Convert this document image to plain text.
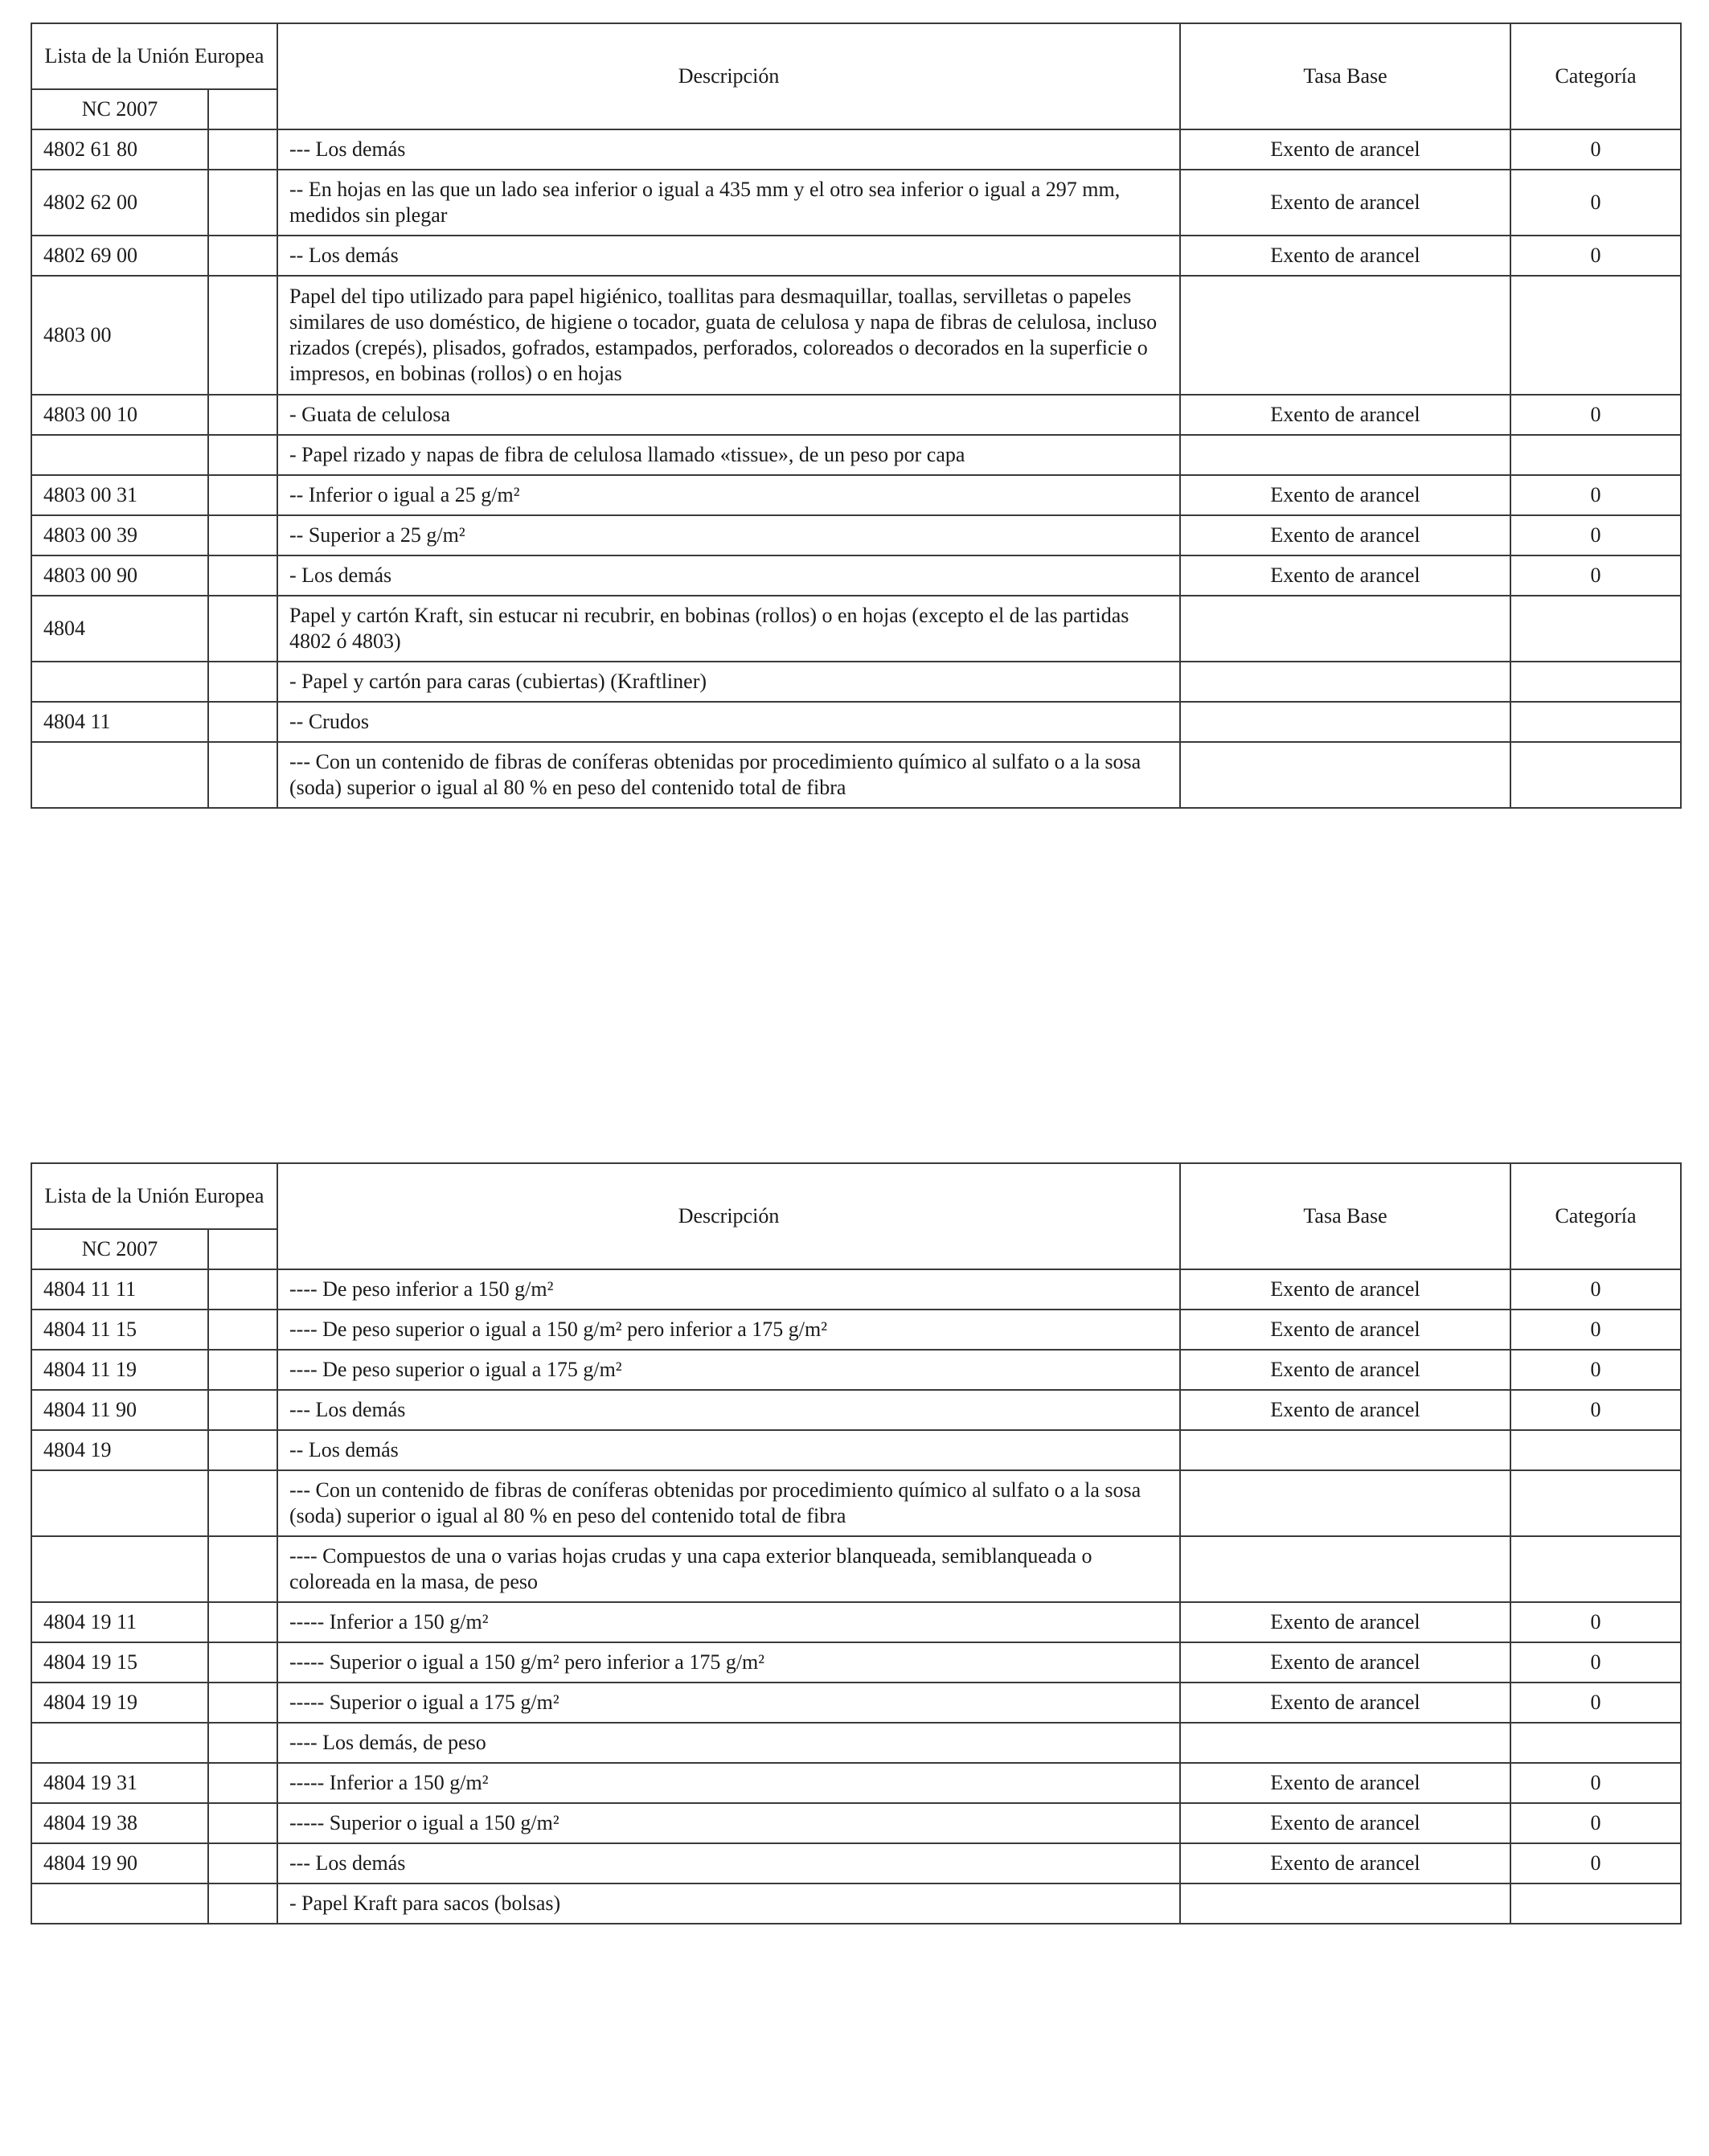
Lista de la Unión Europea		Descripción	Tasa Base	Categoría
NC 2007				
4802 61 80		--- Los demás	Exento de arancel	0
4802 62 00		-- En hojas en las que un lado sea inferior o igual a 435 mm y el otro sea inferior o igual a 297 mm, medidos sin plegar	Exento de arancel	0
4802 69 00		-- Los demás	Exento de arancel	0
4803 00		Papel del tipo utilizado para papel higiénico, toallitas para desmaquillar, toallas, servilletas o papeles similares de uso doméstico, de higiene o tocador, guata de celulosa y napa de fibras de celulosa, incluso rizados (crepés), plisados, gofrados, estampados, perforados, coloreados o decorados en la superficie o impresos, en bobinas (rollos) o en hojas		
4803 00 10		- Guata de celulosa	Exento de arancel	0
		- Papel rizado y napas de fibra de celulosa llamado «tissue», de un peso por capa		
4803 00 31		-- Inferior o igual a 25 g/m²	Exento de arancel	0
4803 00 39		-- Superior a 25 g/m²	Exento de arancel	0
4803 00 90		- Los demás	Exento de arancel	0
4804		Papel y cartón Kraft, sin estucar ni recubrir, en bobinas (rollos) o en hojas (excepto el de las partidas 4802 ó 4803)		
		- Papel y cartón para caras (cubiertas) (Kraftliner)		
4804 11		-- Crudos		
		--- Con un contenido de fibras de coníferas obtenidas por procedimiento químico al sulfato o a la sosa (soda) superior o igual al 80 % en peso del contenido total de fibra		
Lista de la Unión Europea		Descripción	Tasa Base	Categoría
NC 2007				
4804 11 11		---- De peso inferior a 150 g/m²	Exento de arancel	0
4804 11 15		---- De peso superior o igual a 150 g/m² pero inferior a 175 g/m²	Exento de arancel	0
4804 11 19		---- De peso superior o igual a 175 g/m²	Exento de arancel	0
4804 11 90		--- Los demás	Exento de arancel	0
4804 19		-- Los demás		
		--- Con un contenido de fibras de coníferas obtenidas por procedimiento químico al sulfato o a la sosa (soda) superior o igual al 80 % en peso del contenido total de fibra		
		---- Compuestos de una o varias hojas crudas y una capa exterior blanqueada, semiblanqueada o coloreada en la masa, de peso		
4804 19 11		----- Inferior a 150 g/m²	Exento de arancel	0
4804 19 15		----- Superior o igual a 150 g/m² pero inferior a 175 g/m²	Exento de arancel	0
4804 19 19		----- Superior o igual a 175 g/m²	Exento de arancel	0
		---- Los demás, de peso		
4804 19 31		----- Inferior a 150 g/m²	Exento de arancel	0
4804 19 38		----- Superior o igual a 150 g/m²	Exento de arancel	0
4804 19 90		--- Los demás	Exento de arancel	0
		- Papel Kraft para sacos (bolsas)		
